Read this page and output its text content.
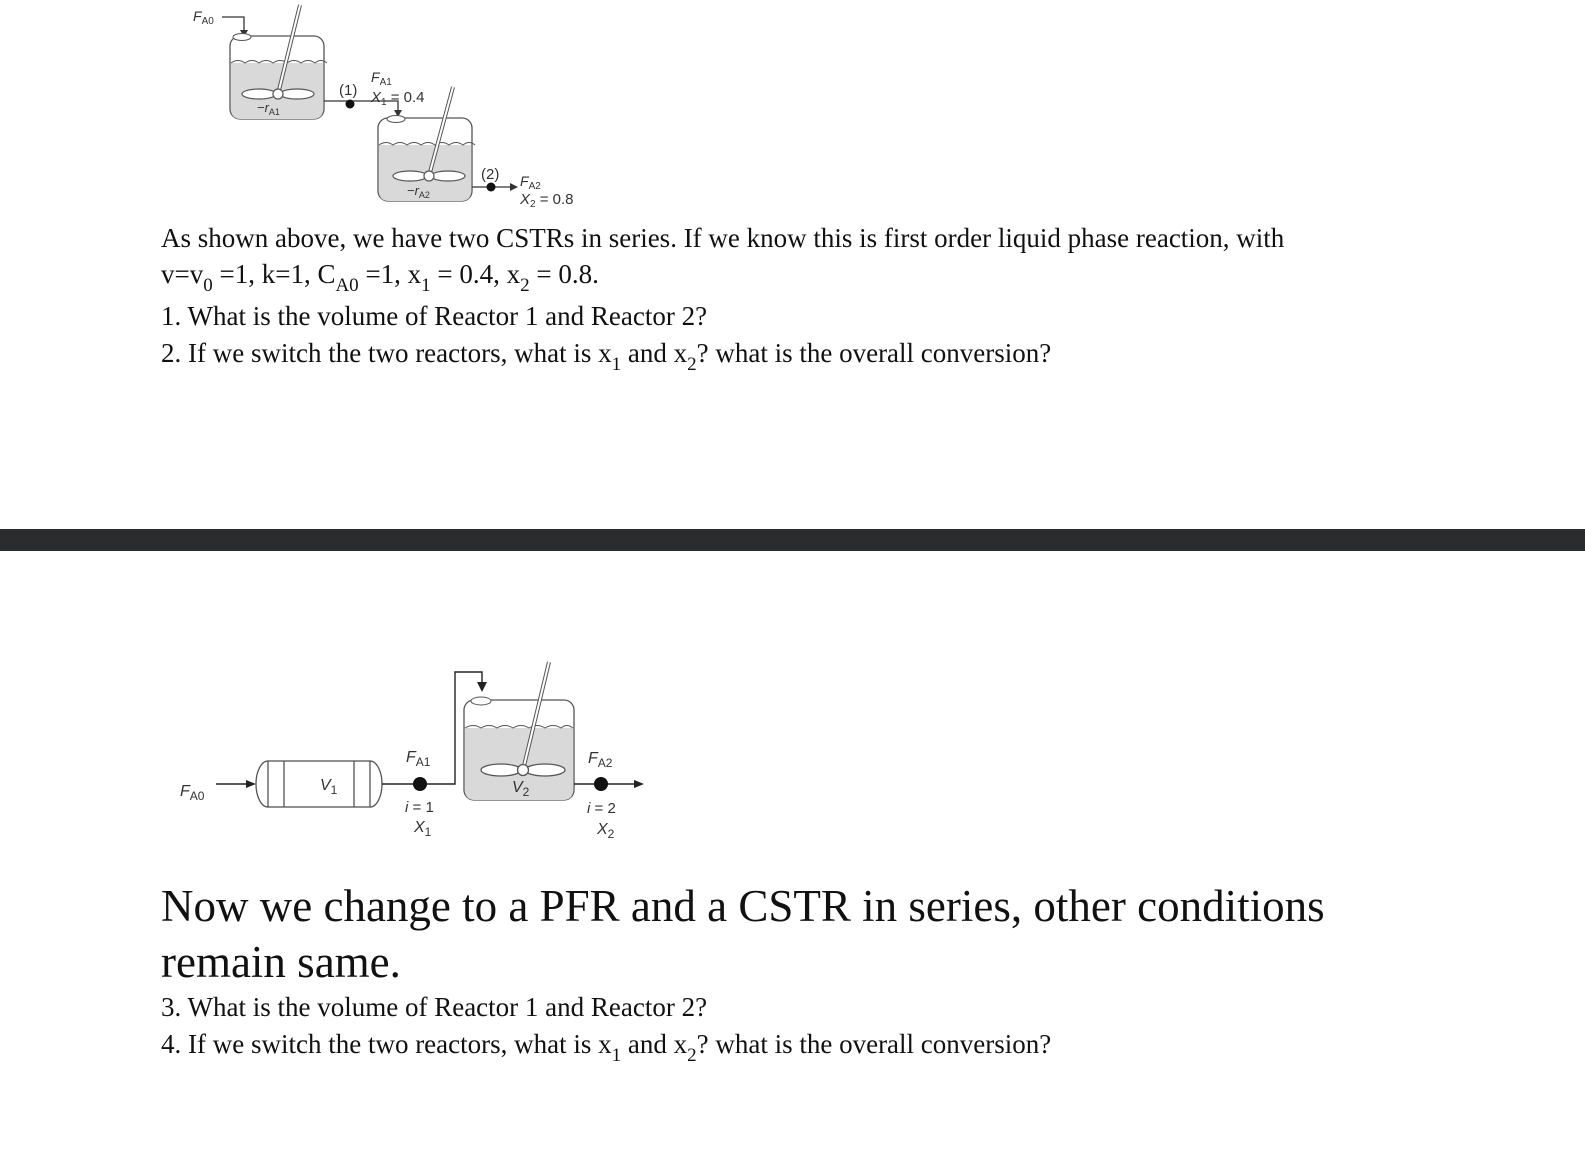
$F_{A0}$
$-r_{A1}$
(1)
$F_{A1}$
$X_1 = 0.4$
$-r_{A2}$
(2) $F_{A2}$
$X_2 = 0.8$
As shown above, we have two CSTRs in series. If we know this is first order liquid phase reaction, with
$v=v_0 =1$, k=1, $C_{A0} =1$, $x_1 = 0.4$, $x_2 = 0.8$.
1. What is the volume of Reactor 1 and Reactor 2?
2. If we switch the two reactors, what is $x_1$ and $x_2$? what is the overall conversion?
$F_{A0}$
$V_1$
$F_{A1}$
i = 1
$X_1$
$V_2$
$F_{A2}$
i = 2
$X_2$
Now we change to a PFR and a CSTR in series, other conditions remain same.
3. What is the volume of Reactor 1 and Reactor 2?
4. If we switch the two reactors, what is $x_1$ and $x_2$? what is the overall conversion?
